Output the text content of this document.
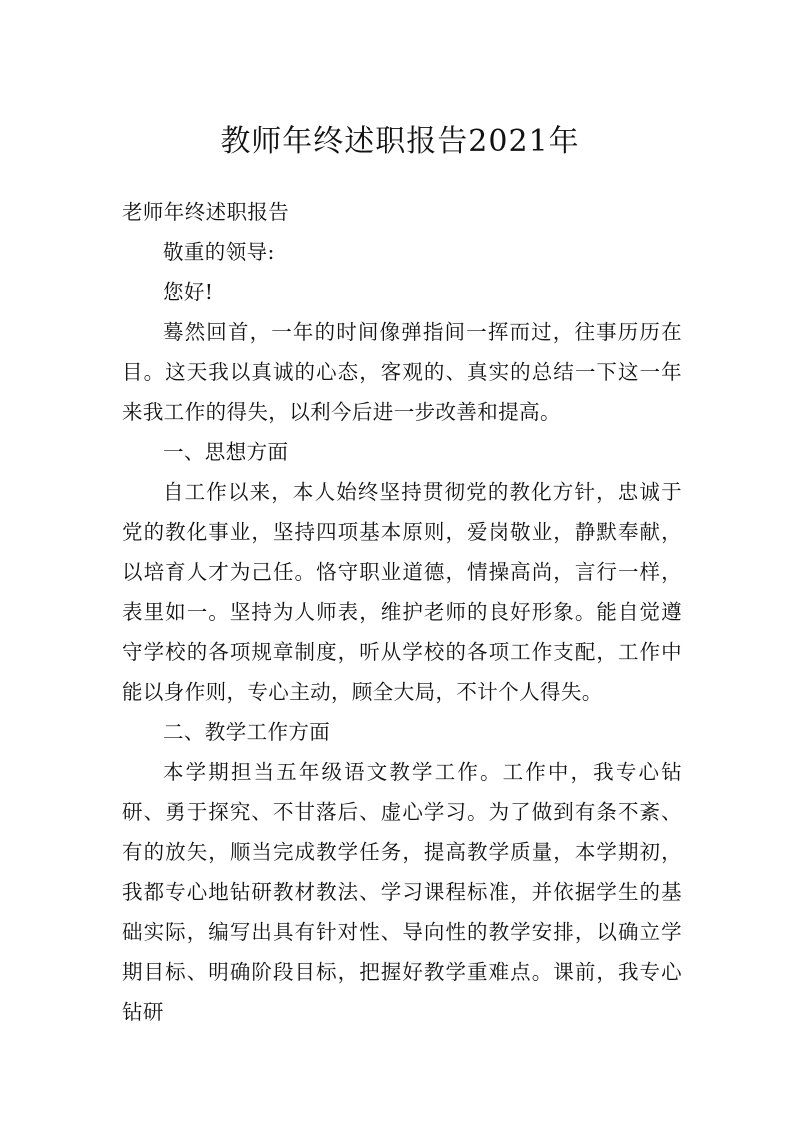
教师年终述职报告2021年

老师年终述职报告

敬重的领导:

您好!

蓦然回首，一年的时间像弹指间一挥而过，往事历历在目。这天我以真诚的心态，客观的、真实的总结一下这一年来我工作的得失，以利今后进一步改善和提高。

一、思想方面

自工作以来，本人始终坚持贯彻党的教化方针，忠诚于党的教化事业，坚持四项基本原则，爱岗敬业，静默奉献，以培育人才为己任。恪守职业道德，情操高尚，言行一样，表里如一。坚持为人师表，维护老师的良好形象。能自觉遵守学校的各项规章制度，听从学校的各项工作支配，工作中能以身作则，专心主动，顾全大局，不计个人得失。

二、教学工作方面

本学期担当五年级语文教学工作。工作中，我专心钻研、勇于探究、不甘落后、虚心学习。为了做到有条不紊、有的放矢，顺当完成教学任务，提高教学质量，本学期初，我都专心地钻研教材教法、学习课程标准，并依据学生的基础实际，编写出具有针对性、导向性的教学安排，以确立学期目标、明确阶段目标，把握好教学重难点。课前，我专心钻研
